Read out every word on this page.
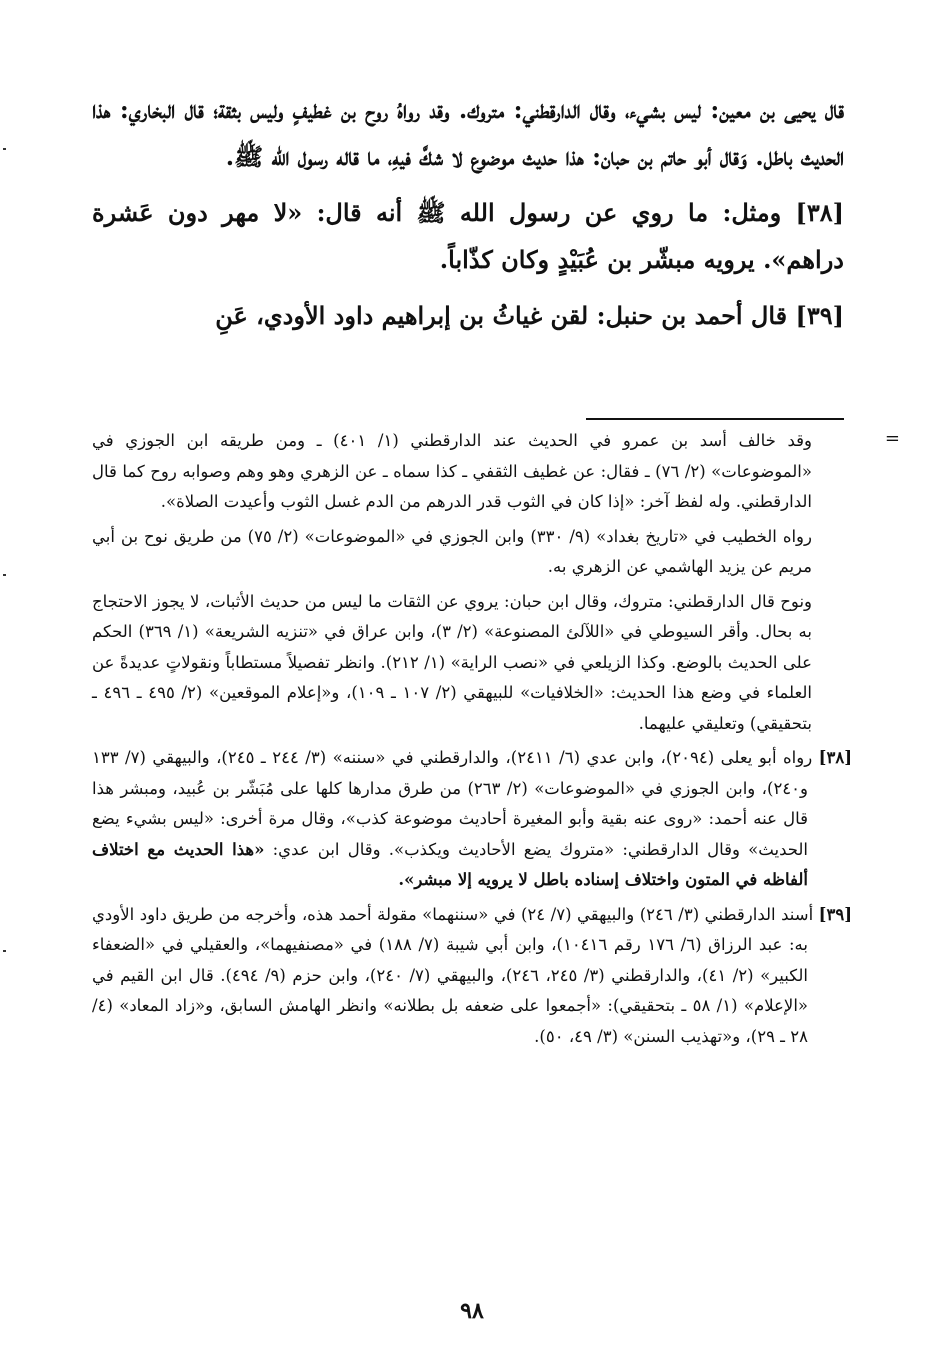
قال يحيى بن معين: ليس بشيء، وقال الدارقطني: متروك. وقد رواهُ روح بن غطيفٍ وليس بثقة؛ قال البخاري: هذا الحديث باطل. وَقال أبو حاتم بن حبان: هذا حديث موضوع لا شكَّ فيهِ، ما قاله رسول الله ﷺ.

[٣٨] ومثل: ما روي عن رسول الله ﷺ أنه قال: «لا مهر دون عَشرة دراهم». يرويه مبشّر بن عُبَيْدٍ وكان كذّاباً.

[٣٩] قال أحمد بن حنبل: لقن غياثُ بن إبراهيم داود الأودي، عَنِ

=

وقد خالف أسد بن عمرو في الحديث عند الدارقطني (١/ ٤٠١) ـ ومن طريقه ابن الجوزي في «الموضوعات» (٢/ ٧٦) ـ فقال: عن غطيف الثقفي ـ كذا سماه ـ عن الزهري وهو وهم وصوابه روح كما قال الدارقطني. وله لفظ آخر: «إذا كان في الثوب قدر الدرهم من الدم غسل الثوب وأعيدت الصلاة».

رواه الخطيب في «تاريخ بغداد» (٩/ ٣٣٠) وابن الجوزي في «الموضوعات» (٢/ ٧٥) من طريق نوح بن أبي مريم عن يزيد الهاشمي عن الزهري به.

ونوح قال الدارقطني: متروك، وقال ابن حبان: يروي عن الثقات ما ليس من حديث الأثبات، لا يجوز الاحتجاج به بحال. وأقر السيوطي في «اللآلئ المصنوعة» (٢/ ٣)، وابن عراق في «تنزيه الشريعة» (١/ ٣٦٩) الحكم على الحديث بالوضع. وكذا الزيلعي في «نصب الراية» (١/ ٢١٢). وانظر تفصيلاً مستطاباً ونقولاتٍ عديدةً عن العلماء في وضع هذا الحديث: «الخلافيات» للبيهقي (٢/ ١٠٧ ـ ١٠٩)، و«إعلام الموقعين» (٢/ ٤٩٥ ـ ٤٩٦ ـ بتحقيقي) وتعليقي عليهما.

[٣٨] رواه أبو يعلى (٢٠٩٤)، وابن عدي (٦/ ٢٤١١)، والدارقطني في «سننه» (٣/ ٢٤٤ ـ ٢٤٥)، والبيهقي (٧/ ١٣٣ و٢٤٠)، وابن الجوزي في «الموضوعات» (٢/ ٢٦٣) من طرق مدارها كلها على مُبَشّر بن عُبيد، ومبشر هذا قال عنه أحمد: «روى عنه بقية وأبو المغيرة أحاديث موضوعة كذب»، وقال مرة أخرى: «ليس بشيء يضع الحديث» وقال الدارقطني: «متروك يضع الأحاديث ويكذب». وقال ابن عدي: «هذا الحديث مع اختلاف ألفاظه في المتون واختلاف إسناده باطل لا يرويه إلا مبشر».

[٣٩] أسند الدارقطني (٣/ ٢٤٦) والبيهقي (٧/ ٢٤) في «سننهما» مقولة أحمد هذه، وأخرجه من طريق داود الأودي به: عبد الرزاق (٦/ ١٧٦ رقم ١٠٤١٦)، وابن أبي شيبة (٧/ ١٨٨) في «مصنفيهما»، والعقيلي في «الضعفاء الكبير» (٢/ ٤١)، والدارقطني (٣/ ٢٤٥، ٢٤٦)، والبيهقي (٧/ ٢٤٠)، وابن حزم (٩/ ٤٩٤). قال ابن القيم في «الإعلام» (١/ ٥٨ ـ بتحقيقي): «أجمعوا على ضعفه بل بطلانه» وانظر الهامش السابق، و«زاد المعاد» (٤/ ٢٨ ـ ٢٩)، و«تهذيب السنن» (٣/ ٤٩، ٥٠).

٩٨
